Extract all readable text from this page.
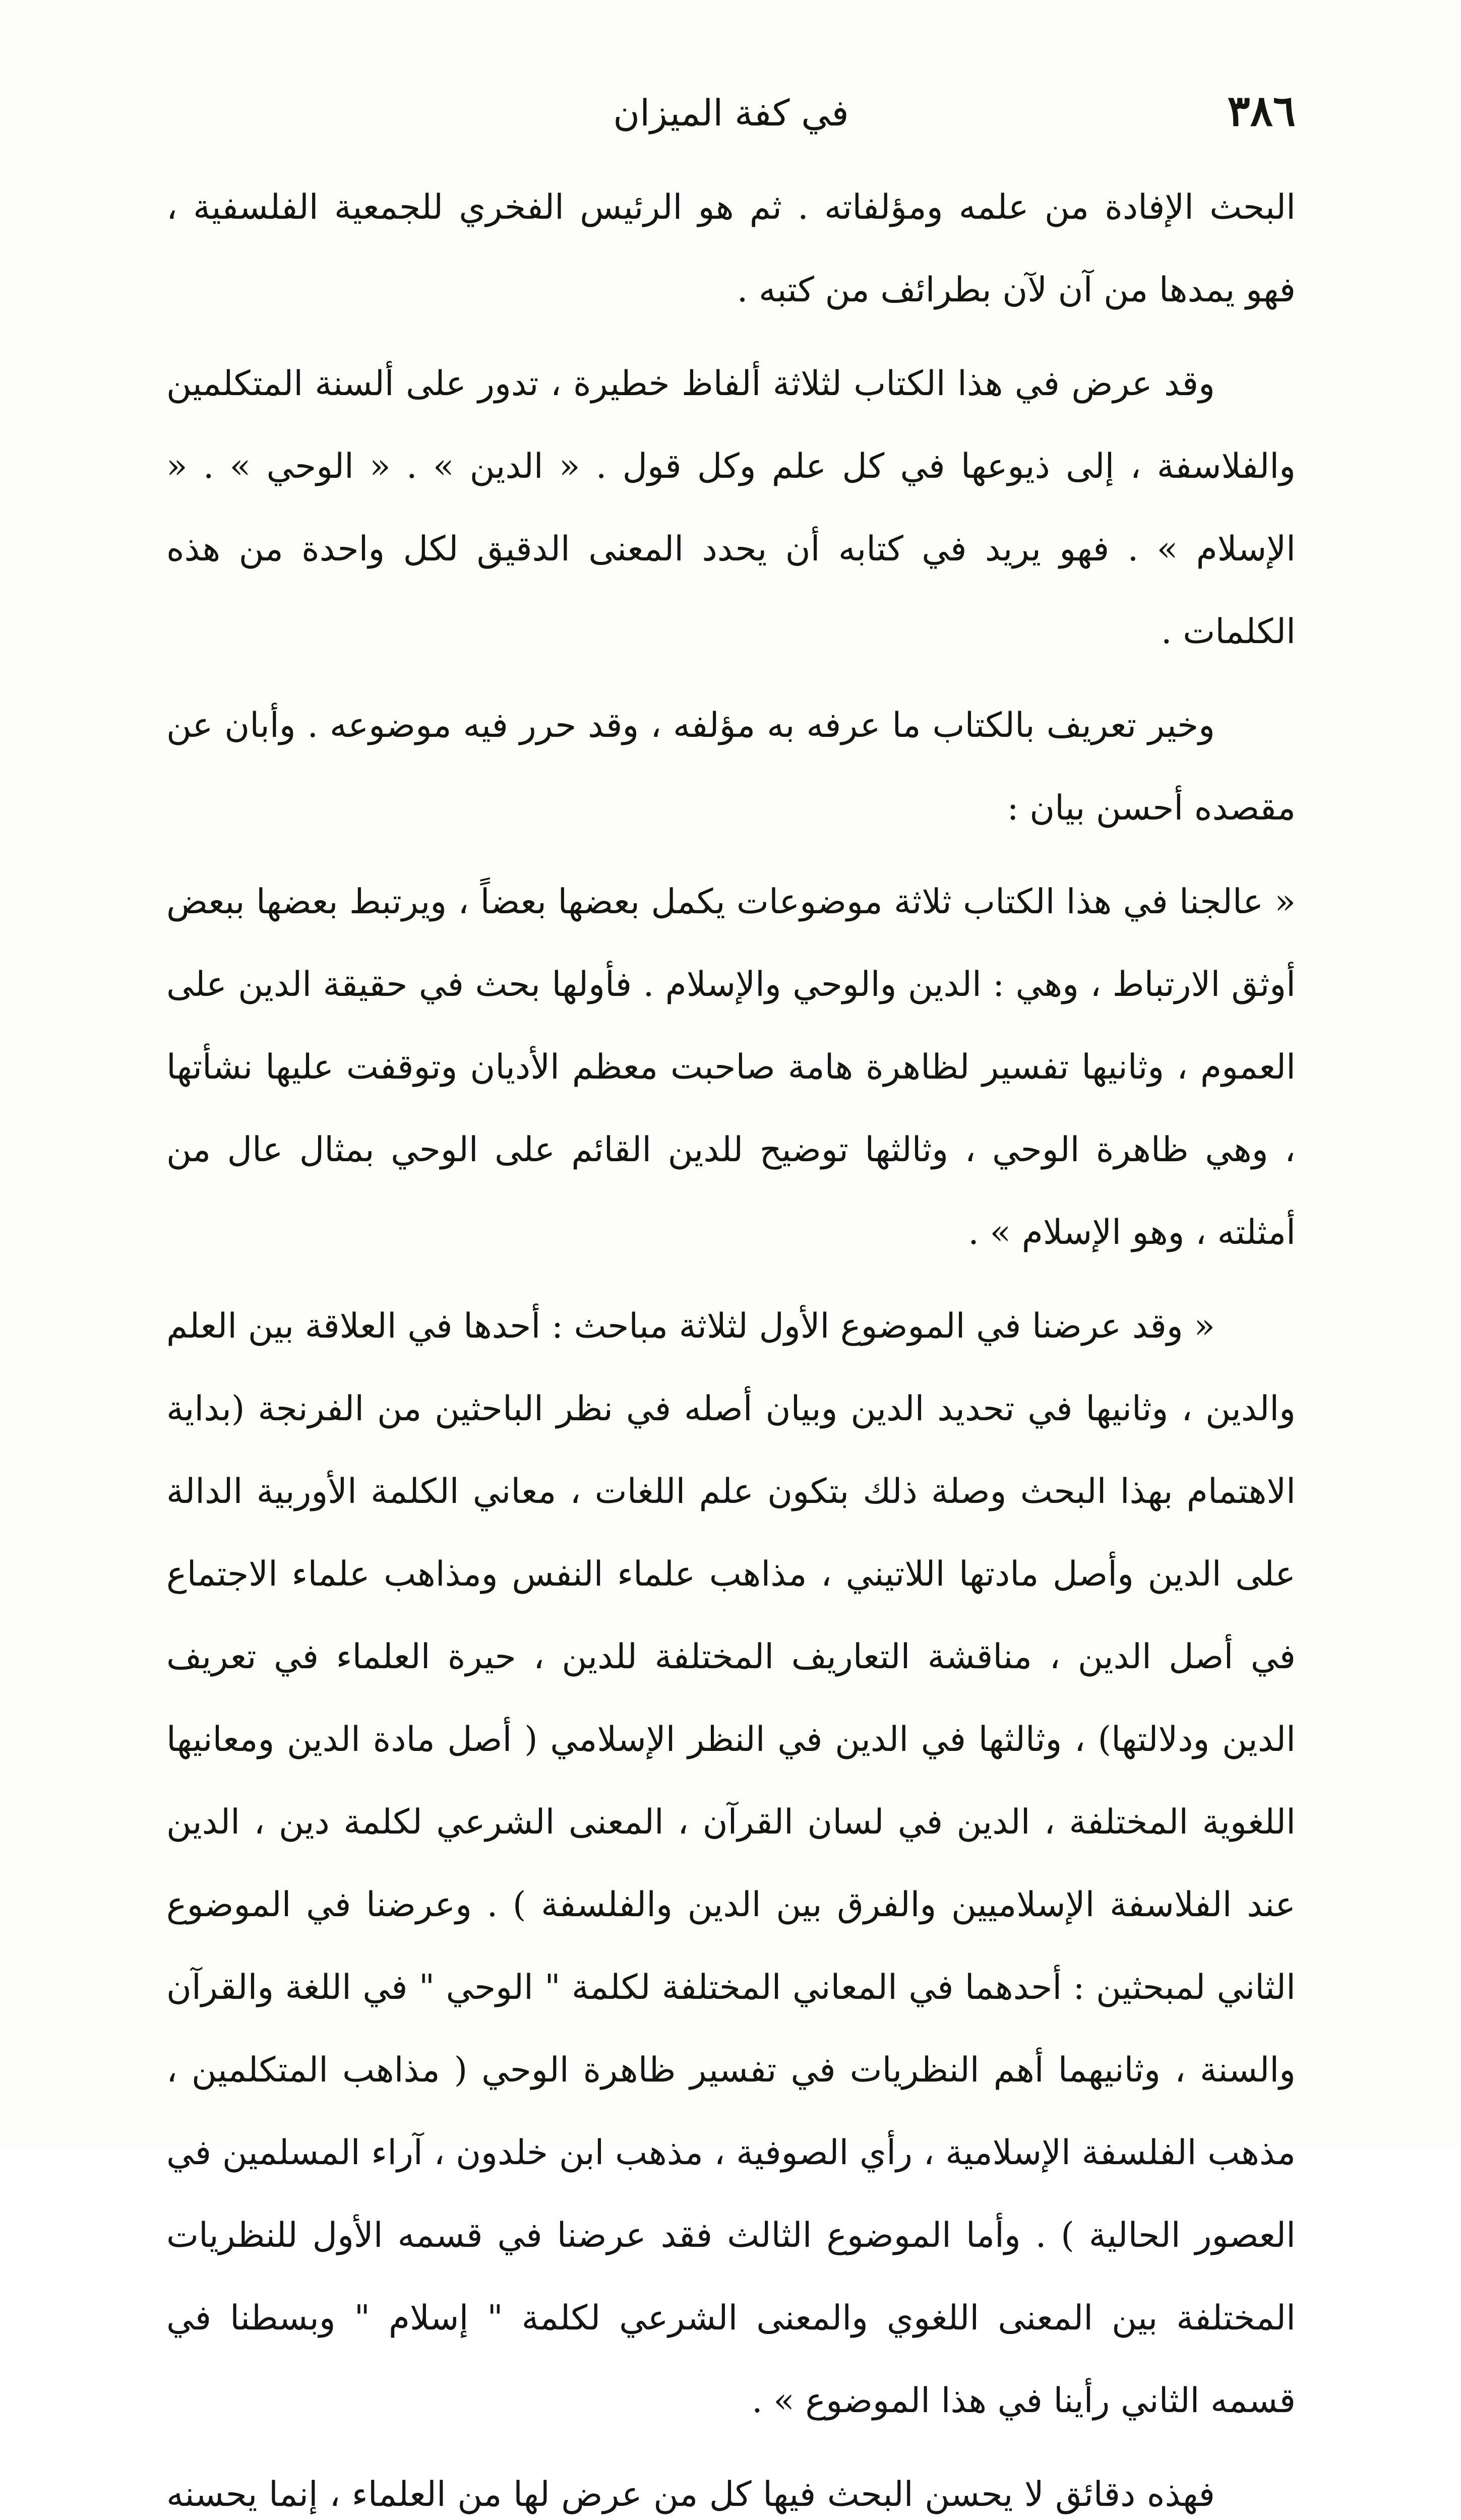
٣٨٦
في كفة الميزان

البحث الإفادة من علمه ومؤلفاته . ثم هو الرئيس الفخري للجمعية الفلسفية ، فهو يمدها من آن لآن بطرائف من كتبه .

وقد عرض في هذا الكتاب لثلاثة ألفاظ خطيرة ، تدور على ألسنة المتكلمين والفلاسفة ، إلى ذيوعها في كل علم وكل قول . « الدين » . « الوحي » . « الإسلام » . فهو يريد في كتابه أن يحدد المعنى الدقيق لكل واحدة من هذه الكلمات .

وخير تعريف بالكتاب ما عرفه به مؤلفه ، وقد حرر فيه موضوعه . وأبان عن مقصده أحسن بيان :

« عالجنا في هذا الكتاب ثلاثة موضوعات يكمل بعضها بعضاً ، ويرتبط بعضها ببعض أوثق الارتباط ، وهي : الدين والوحي والإسلام . فأولها بحث في حقيقة الدين على العموم ، وثانيها تفسير لظاهرة هامة صاحبت معظم الأديان وتوقفت عليها نشأتها ، وهي ظاهرة الوحي ، وثالثها توضيح للدين القائم على الوحي بمثال عال من أمثلته ، وهو الإسلام » .

« وقد عرضنا في الموضوع الأول لثلاثة مباحث : أحدها في العلاقة بين العلم والدين ، وثانيها في تحديد الدين وبيان أصله في نظر الباحثين من الفرنجة (بداية الاهتمام بهذا البحث وصلة ذلك بتكون علم اللغات ، معاني الكلمة الأوربية الدالة على الدين وأصل مادتها اللاتيني ، مذاهب علماء النفس ومذاهب علماء الاجتماع في أصل الدين ، مناقشة التعاريف المختلفة للدين ، حيرة العلماء في تعريف الدين ودلالتها) ، وثالثها في الدين في النظر الإسلامي ( أصل مادة الدين ومعانيها اللغوية المختلفة ، الدين في لسان القرآن ، المعنى الشرعي لكلمة دين ، الدين عند الفلاسفة الإسلاميين والفرق بين الدين والفلسفة ) . وعرضنا في الموضوع الثاني لمبحثين : أحدهما في المعاني المختلفة لكلمة " الوحي " في اللغة والقرآن والسنة ، وثانيهما أهم النظريات في تفسير ظاهرة الوحي ( مذاهب المتكلمين ، مذهب الفلسفة الإسلامية ، رأي الصوفية ، مذهب ابن خلدون ، آراء المسلمين في العصور الحالية ) . وأما الموضوع الثالث فقد عرضنا في قسمه الأول للنظريات المختلفة بين المعنى اللغوي والمعنى الشرعي لكلمة " إسلام " وبسطنا في قسمه الثاني رأينا في هذا الموضوع » .

فهذه دقائق لا يحسن البحث فيها كل من عرض لها من العلماء ، إنما يحسنه
